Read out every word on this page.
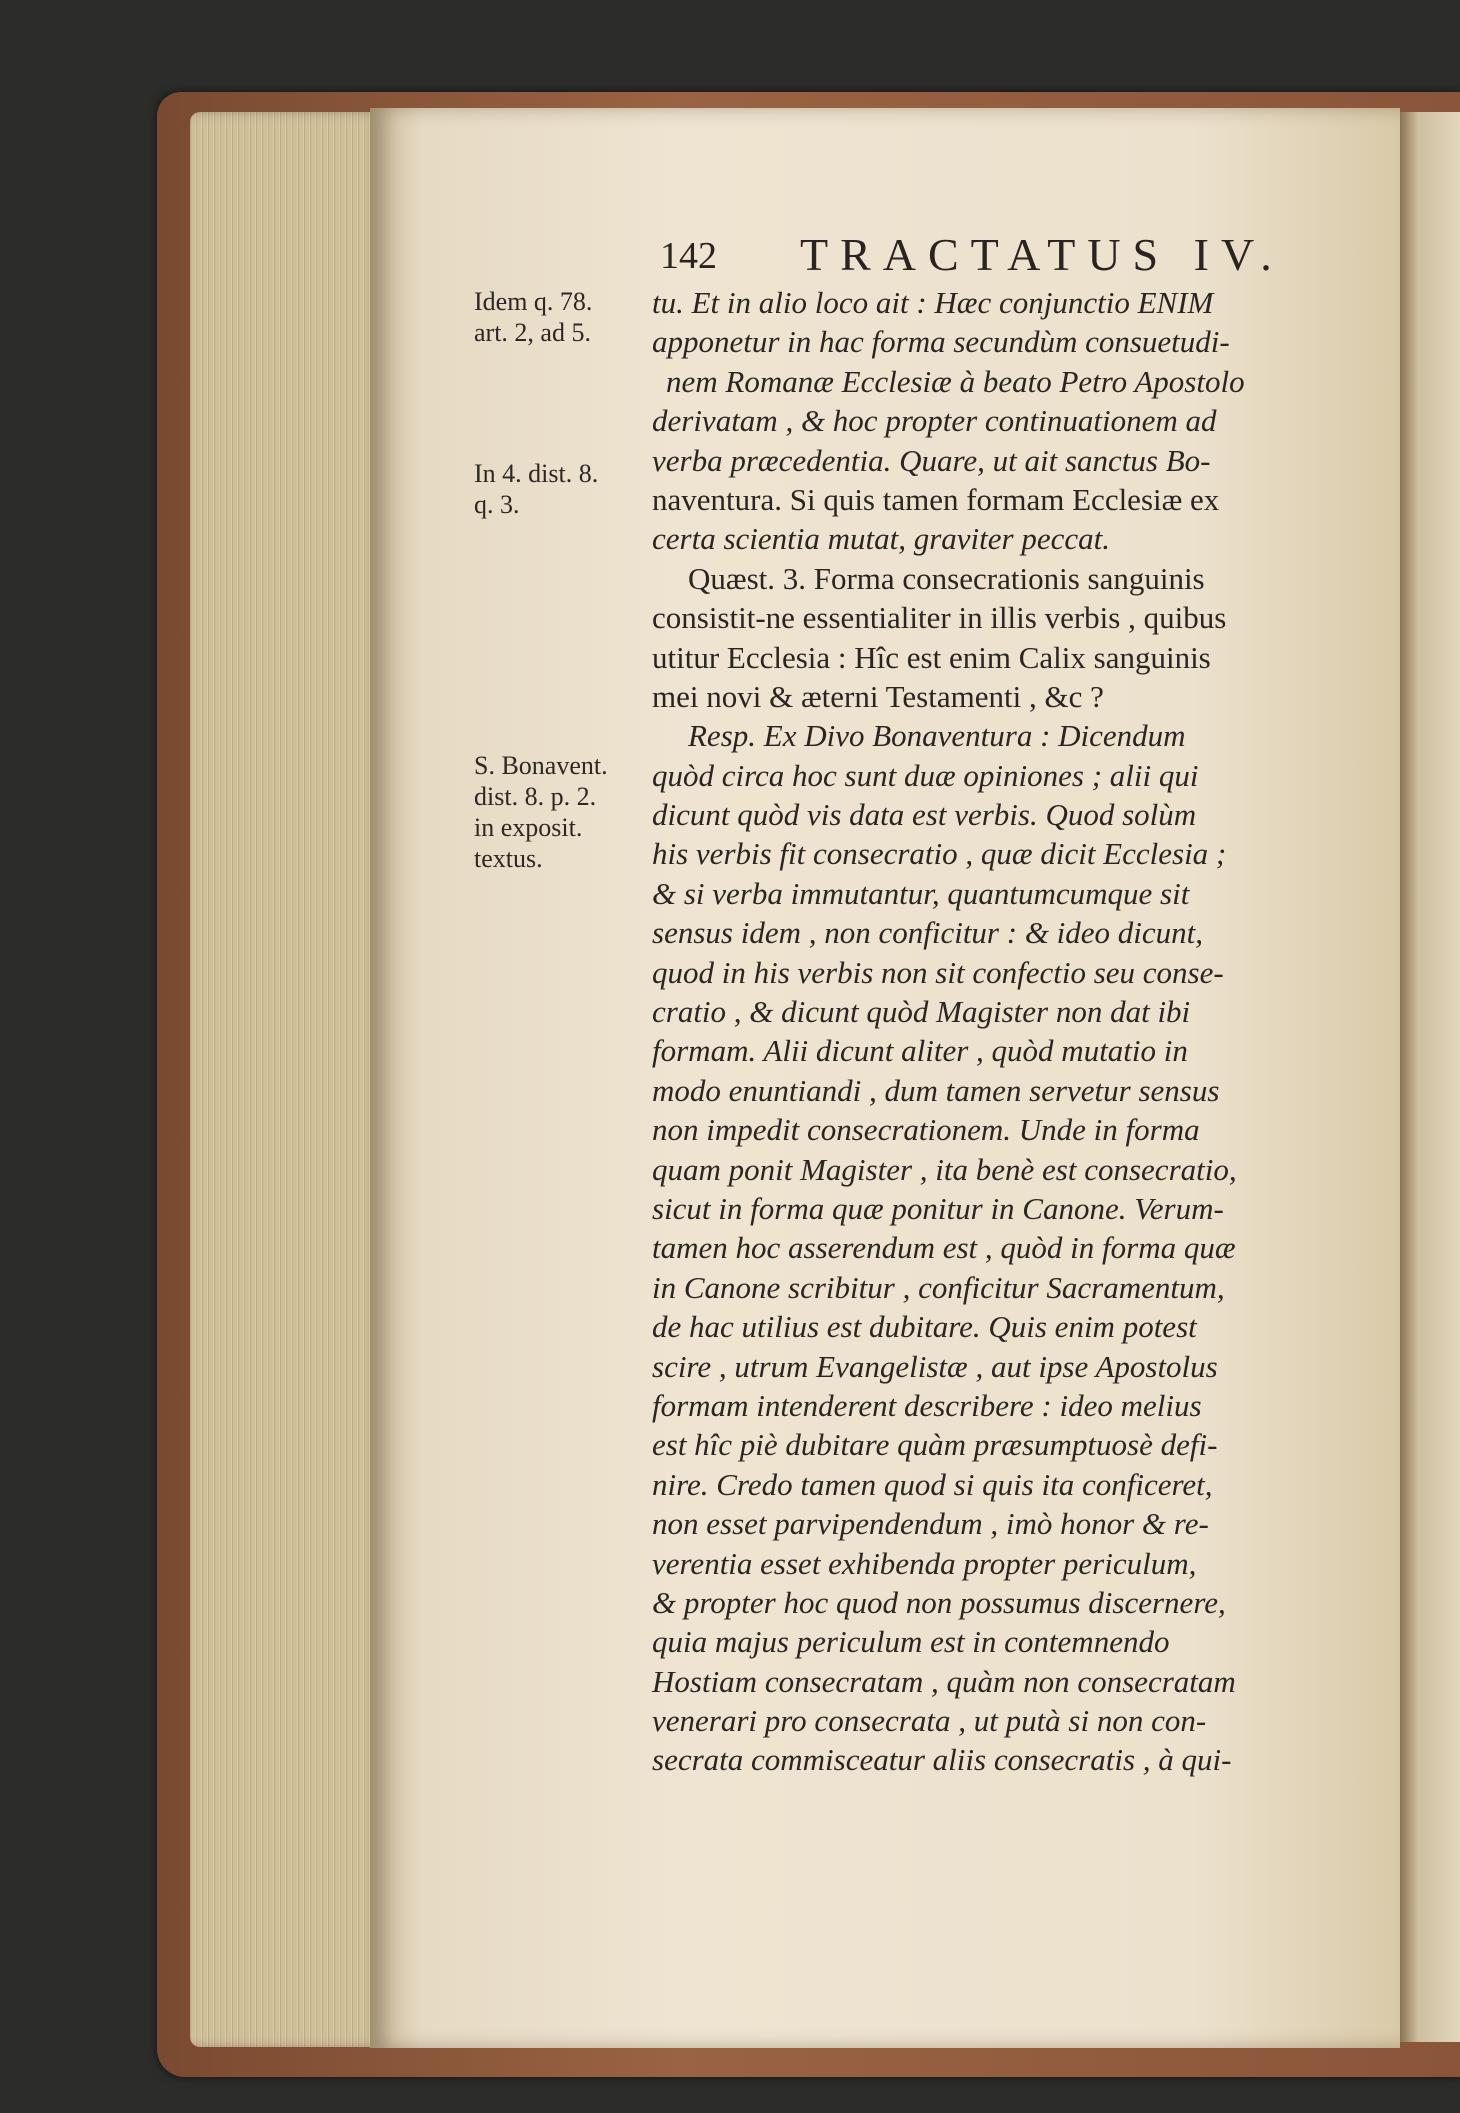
142 TRACTATUS IV.
Idem q. 78.
art. 2, ad 5.
In 4. dist. 8.
q. 3.
S. Bonavent.
dist. 8. p. 2.
in exposit.
textus.
tu. Et in alio loco ait : Hæc conjunctio ENIM
apponetur in hac forma secundùm consuetudi-
nem Romanæ Ecclesiæ à beato Petro Apostolo
derivatam , & hoc propter continuationem ad
verba præcedentia. Quare, ut ait sanctus Bo-
naventura. Si quis tamen formam Ecclesiæ ex
certa scientia mutat, graviter peccat.
Quæst. 3. Forma consecrationis sanguinis
consistit-ne essentialiter in illis verbis , quibus
utitur Ecclesia : Hîc est enim Calix sanguinis
mei novi & æterni Testamenti , &c ?
Resp. Ex Divo Bonaventura : Dicendum
quòd circa hoc sunt duæ opiniones ; alii qui
dicunt quòd vis data est verbis. Quod solùm
his verbis fit consecratio , quæ dicit Ecclesia ;
& si verba immutantur, quantumcumque sit
sensus idem , non conficitur : & ideo dicunt,
quod in his verbis non sit confectio seu conse-
cratio , & dicunt quòd Magister non dat ibi
formam. Alii dicunt aliter , quòd mutatio in
modo enuntiandi , dum tamen servetur sensus
non impedit consecrationem. Unde in forma
quam ponit Magister , ita benè est consecratio,
sicut in forma quæ ponitur in Canone. Verum-
tamen hoc asserendum est , quòd in forma quæ
in Canone scribitur , conficitur Sacramentum,
de hac utilius est dubitare. Quis enim potest
scire , utrum Evangelistæ , aut ipse Apostolus
formam intenderent describere : ideo melius
est hîc piè dubitare quàm præsumptuosè defi-
nire. Credo tamen quod si quis ita conficeret,
non esset parvipendendum , imò honor & re-
verentia esset exhibenda propter periculum,
& propter hoc quod non possumus discernere,
quia majus periculum est in contemnendo
Hostiam consecratam , quàm non consecratam
venerari pro consecrata , ut putà si non con-
secrata commisceatur aliis consecratis , à qui-
